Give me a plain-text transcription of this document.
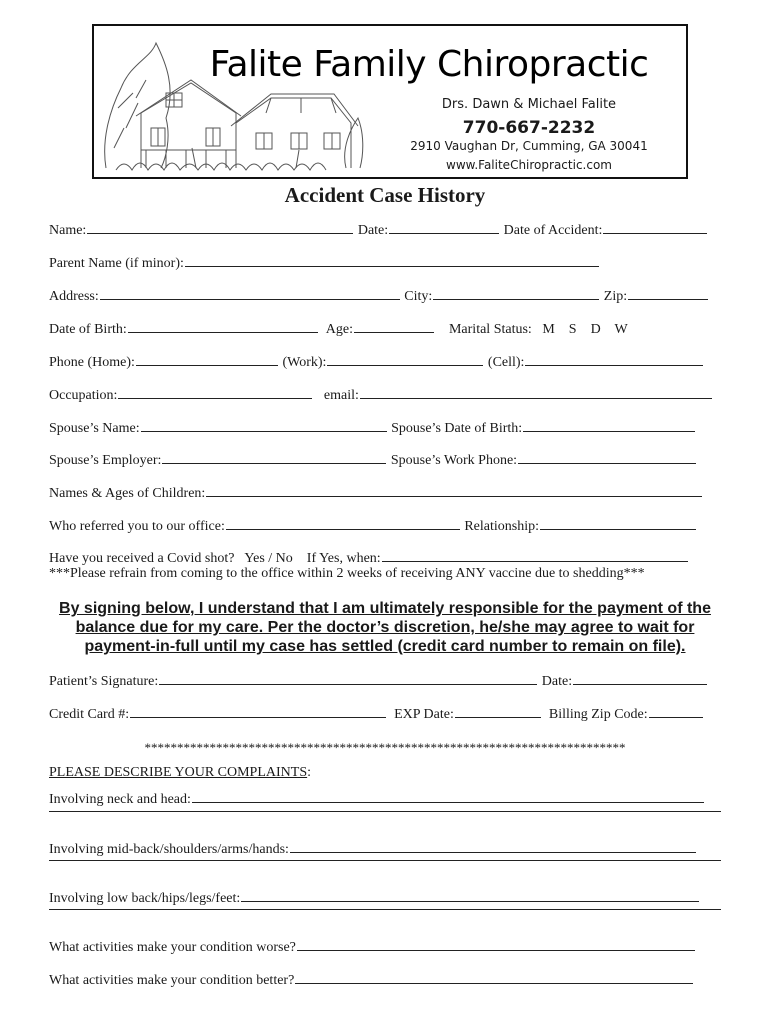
Falite Family Chiropractic
Drs. Dawn & Michael Falite
770-667-2232
2910 Vaughan Dr, Cumming, GA 30041
www.FaliteChiropractic.com
Accident Case History
Name:	Date:	Date of Accident:
Parent Name (if minor):
Address:	City:	Zip:
Date of Birth:	Age:	Marital Status: M S D W
Phone (Home):	(Work):	(Cell):
Occupation:	email:
Spouse’s Name:	Spouse’s Date of Birth:
Spouse’s Employer:	Spouse’s Work Phone:
Names & Ages of Children:
Who referred you to our office:	Relationship:
Have you received a Covid shot?   Yes / No    If Yes, when:
***Please refrain from coming to the office within 2 weeks of receiving ANY vaccine due to shedding***
By signing below, I understand that I am ultimately responsible for the payment of the
balance due for my care. Per the doctor’s discretion, he/she may agree to wait for
payment-in-full until my case has settled (credit card number to remain on file).
Patient’s Signature:	Date:
Credit Card #:	EXP Date:	Billing Zip Code:
**************************************************************************
PLEASE DESCRIBE YOUR COMPLAINTS:
Involving neck and head:
Involving mid-back/shoulders/arms/hands:
Involving low back/hips/legs/feet:
What activities make your condition worse?
What activities make your condition better?
